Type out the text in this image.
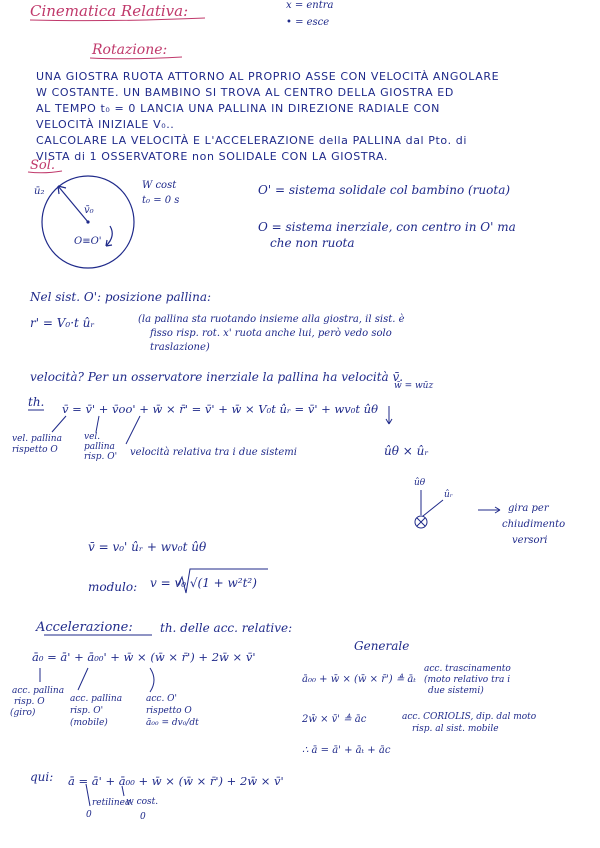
Cinematica Relativa:	x = entra
• = esce
Rotazione:
UNA GIOSTRA RUOTA ATTORNO AL PROPRIO ASSE CON VELOCITÀ ANGOLARE
W COSTANTE. UN BAMBINO SI TROVA AL CENTRO DELLA GIOSTRA ED
AL TEMPO t₀ = 0 LANCIA UNA PALLINA IN DIREZIONE RADIALE CON
VELOCITÀ INIZIALE V₀..
CALCOLARE LA VELOCITÀ E L'ACCELERAZIONE della PALLINA dal Pto. di
VISTA di 1 OSSERVATORE non SOLIDALE CON LA GIOSTRA.
Sol.
ū₂
v̄₀
O≡O'
W cost
t₀ = 0 s
O' = sistema solidale col bambino (ruota)
O = sistema inerziale, con centro in O' ma
che non ruota
Nel sist. O': posizione pallina:
r' = V₀·t ûᵣ	(la pallina sta ruotando insieme alla giostra, il sist. è
fisso risp. rot. x' ruota anche lui, però vedo solo
traslazione)
velocità? Per un osservatore inerziale la pallina ha velocità v̄.
w̄ = wūz
th. v̄ = v̄' + v̄oo' + w̄ × r̄' = v̄' + w̄ × V₀t ûᵣ = v̄' + wv₀t ûθ
vel. pallina
rispetto O
vel.
pallina
risp. O' velocità relativa tra i due sistemi	ûθ × ûᵣ
ûθ
ûᵣ
gira per
chiudimento
versori
v̄ = v₀' ûᵣ + wv₀t ûθ
modulo: v = v₀ √(1 + w²t²)
Accelerazione: th. delle acc. relative:
Generale
ā₀ = ā' + ā₀₀' + w̄ × (w̄ × r̄') + 2w̄ × v̄'
acc. pallina
risp. O
(giro)
acc. pallina
risp. O'
(mobile)
acc. O'
rispetto O
ā₀₀ = dv₀/dt
ā₀₀ + w̄ × (w̄ × r̄') ≜ āₜ
acc. trascinamento
(moto relativo tra i
due sistemi)
2w̄ × v̄' ≜ āc	acc. CORIOLIS, dip. dal moto
risp. al sist. mobile
∴ ā = ā' + āₜ + āc
qui: ā = ā' + ā₀₀ + w̄ × (w̄ × r̄') + 2w̄ × v̄'
0
retilinea.
0
w cost.
